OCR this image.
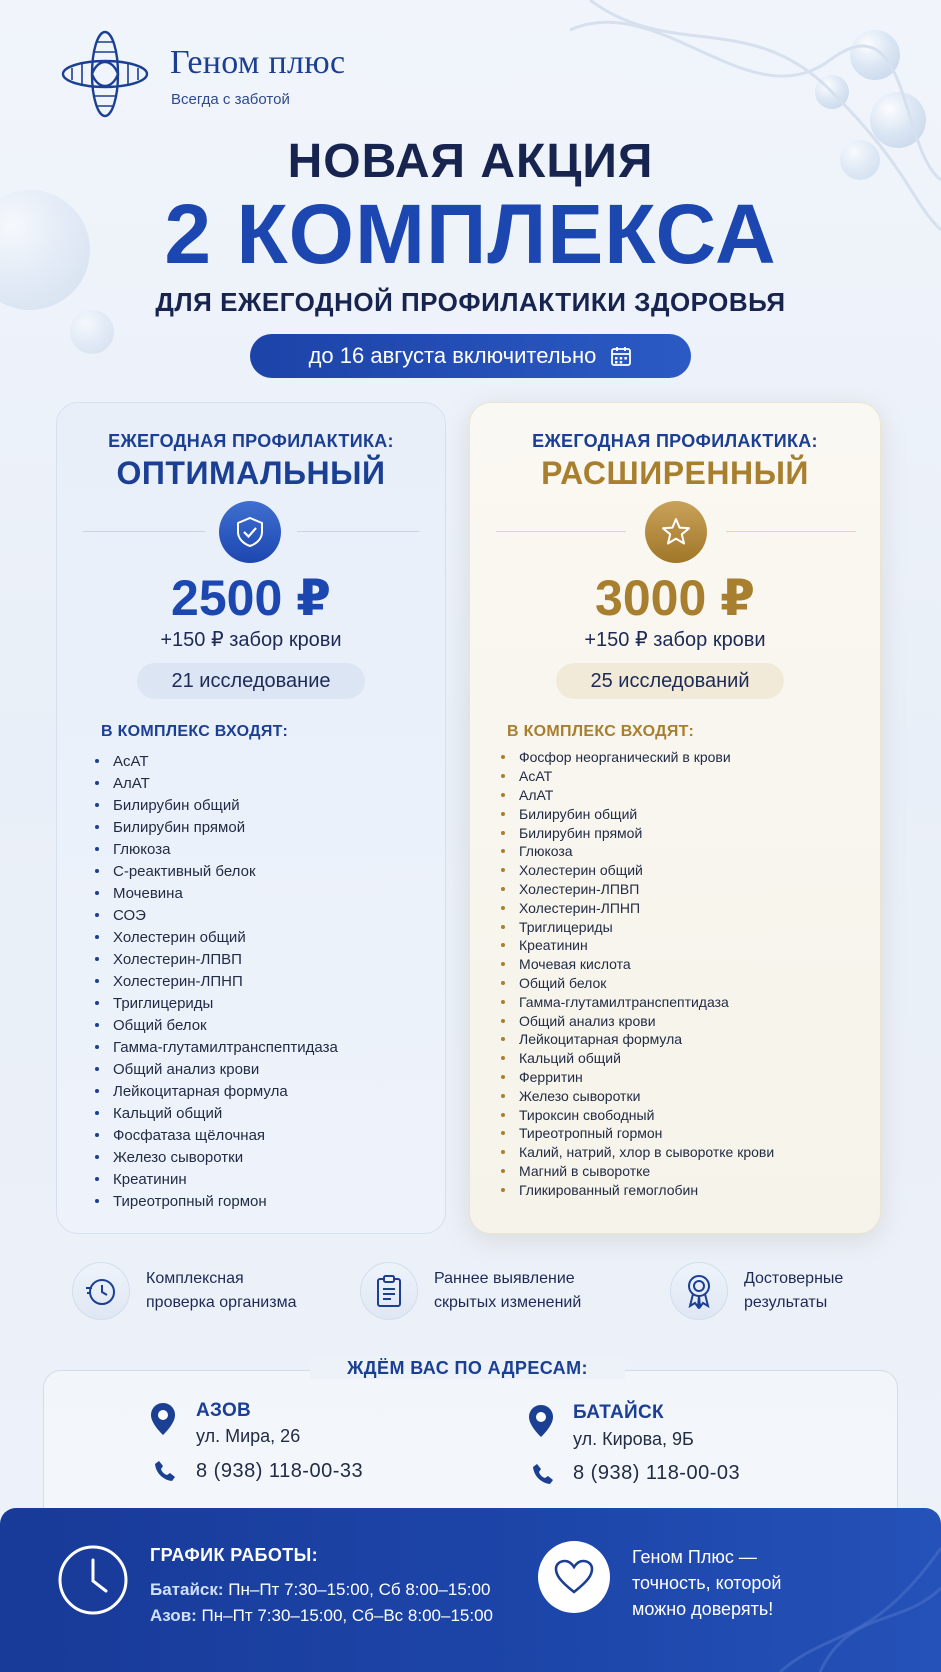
Геном плюс
Всегда с заботой
НОВАЯ АКЦИЯ
2 КОМПЛЕКСА
ДЛЯ ЕЖЕГОДНОЙ ПРОФИЛАКТИКИ ЗДОРОВЬЯ
до 16 августа включительно
ЕЖЕГОДНАЯ ПРОФИЛАКТИКА:
ОПТИМАЛЬНЫЙ
2500 ₽
+150 ₽ забор крови
21 исследование
В КОМПЛЕКС ВХОДЯТ:
АсАТ
АлАТ
Билирубин общий
Билирубин прямой
Глюкоза
С-реактивный белок
Мочевина
СОЭ
Холестерин общий
Холестерин-ЛПВП
Холестерин-ЛПНП
Триглицериды
Общий белок
Гамма-глутамилтранспептидаза
Общий анализ крови
Лейкоцитарная формула
Кальций общий
Фосфатаза щёлочная
Железо сыворотки
Креатинин
Тиреотропный гормон
ЕЖЕГОДНАЯ ПРОФИЛАКТИКА:
РАСШИРЕННЫЙ
3000 ₽
+150 ₽ забор крови
25 исследований
В КОМПЛЕКС ВХОДЯТ:
Фосфор неорганический в крови
АсАТ
АлАТ
Билирубин общий
Билирубин прямой
Глюкоза
Холестерин общий
Холестерин-ЛПВП
Холестерин-ЛПНП
Триглицериды
Креатинин
Мочевая кислота
Общий белок
Гамма-глутамилтранспептидаза
Общий анализ крови
Лейкоцитарная формула
Кальций общий
Ферритин
Железо сыворотки
Тироксин свободный
Тиреотропный гормон
Калий, натрий, хлор в сыворотке крови
Магний в сыворотке
Гликированный гемоглобин
Комплексная
проверка организма
Раннее выявление
скрытых изменений
Достоверные
результаты
ЖДЁМ ВАС ПО АДРЕСАМ:
АЗОВ
ул. Мира, 26
8 (938) 118-00-33
БАТАЙСК
ул. Кирова, 9Б
8 (938) 118-00-03
ГРАФИК РАБОТЫ:
Батайск: Пн–Пт 7:30–15:00, Сб 8:00–15:00
Азов: Пн–Пт 7:30–15:00, Сб–Вс 8:00–15:00
Геном Плюс —
точность, которой
можно доверять!
